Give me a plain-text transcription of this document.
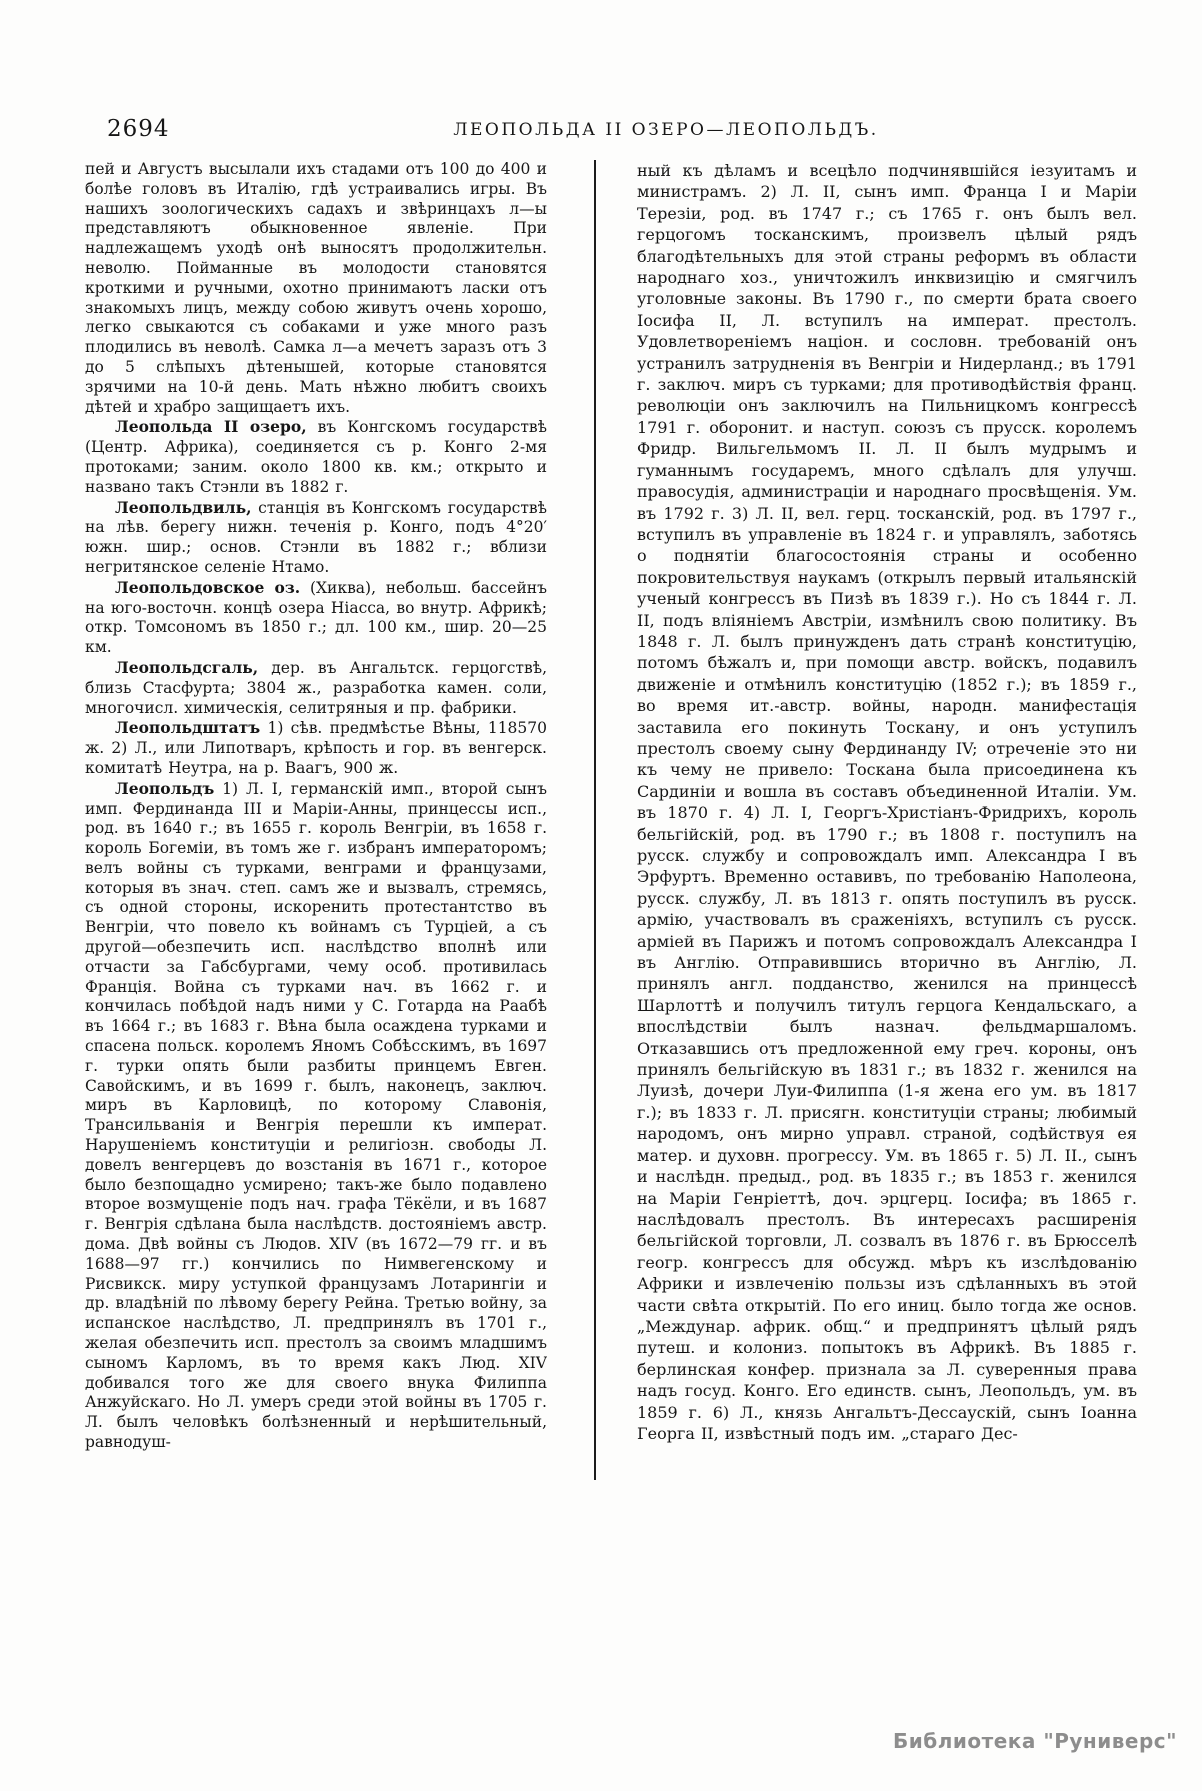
2694	ЛЕОПОЛЬДА II ОЗЕРО—ЛЕОПОЛЬДЪ.

пей и Августъ высылали ихъ стадами отъ 100 до 400 и болѣе головъ въ Италію, гдѣ устраивались игры. Въ нашихъ зоологическихъ садахъ и звѣринцахъ л—ы представляютъ обыкновенное явленіе. При надлежащемъ уходѣ онѣ выносятъ продолжительн. неволю. Пойманные въ молодости становятся кроткими и ручными, охотно принимаютъ ласки отъ знакомыхъ лицъ, между собою живутъ очень хорошо, легко свыкаются съ собаками и уже много разъ плодились въ неволѣ. Самка л—а мечетъ заразъ отъ 3 до 5 слѣпыхъ дѣтенышей, которые становятся зрячими на 10-й день. Мать нѣжно любитъ своихъ дѣтей и храбро защищаетъ ихъ.

Леопольда II озеро, въ Конгскомъ государствѣ (Центр. Африка), соединяется съ р. Конго 2-мя протоками; заним. около 1800 кв. км.; открыто и названо такъ Стэнли въ 1882 г.

Леопольдвиль, станція въ Конгскомъ государствѣ на лѣв. берегу нижн. теченія р. Конго, подъ 4°20′ южн. шир.; основ. Стэнли въ 1882 г.; вблизи негритянское селеніе Нтамо.

Леопольдовское оз. (Хиква), небольш. бассейнъ на юго-восточн. концѣ озера Ніасса, во внутр. Африкѣ; откр. Томсономъ въ 1850 г.; дл. 100 км., шир. 20—25 км.

Леопольдсгаль, дер. въ Ангальтск. герцогствѣ, близь Стасфурта; 3804 ж., разработка камен. соли, многочисл. химическія, селитряныя и пр. фабрики.

Леопольдштатъ 1) сѣв. предмѣстье Вѣны, 118570 ж. 2) Л., или Липотваръ, крѣпость и гор. въ венгерск. комитатѣ Неутра, на р. Ваагъ, 900 ж.

Леопольдъ 1) Л. I, германскій имп., второй сынъ имп. Фердинанда III и Маріи-Анны, принцессы исп., род. въ 1640 г.; въ 1655 г. король Венгріи, въ 1658 г. король Богеміи, въ томъ же г. избранъ императоромъ; велъ войны съ турками, венграми и французами, которыя въ знач. степ. самъ же и вызвалъ, стремясь, съ одной стороны, искоренить протестантство въ Венгріи, что повело къ войнамъ съ Турціей, а съ другой—обезпечить исп. наслѣдство вполнѣ или отчасти за Габсбургами, чему особ. противилась Франція. Война съ турками нач. въ 1662 г. и кончилась побѣдой надъ ними у С. Готарда на Раабѣ въ 1664 г.; въ 1683 г. Вѣна была осаждена турками и спасена польск. королемъ Яномъ Собѣсскимъ, въ 1697 г. турки опять были разбиты принцемъ Евген. Савойскимъ, и въ 1699 г. былъ, наконецъ, заключ. миръ въ Карловицѣ, по которому Славонія, Трансильванія и Венгрія перешли къ императ. Нарушеніемъ конституціи и религіозн. свободы Л. довелъ венгерцевъ до возстанія въ 1671 г., которое было безпощадно усмирено; такъ-же было подавлено второе возмущеніе подъ нач. графа Тёкёли, и въ 1687 г. Венгрія сдѣлана была наслѣдств. достояніемъ австр. дома. Двѣ войны съ Людов. XIV (въ 1672—79 гг. и въ 1688—97 гг.) кончились по Нимвегенскому и Рисвикск. миру уступкой французамъ Лотарингіи и др. владѣній по лѣвому берегу Рейна. Третью войну, за испанское наслѣдство, Л. предпринялъ въ 1701 г., желая обезпечить исп. престолъ за своимъ младшимъ сыномъ Карломъ, въ то время какъ Люд. XIV добивался того же для своего внука Филиппа Анжуйскаго. Но Л. умеръ среди этой войны въ 1705 г. Л. былъ человѣкъ болѣзненный и нерѣшительный, равнодуш-

ный къ дѣламъ и всецѣло подчинявшійся іезуитамъ и министрамъ. 2) Л. II, сынъ имп. Франца I и Маріи Терезіи, род. въ 1747 г.; съ 1765 г. онъ былъ вел. герцогомъ тосканскимъ, произвелъ цѣлый рядъ благодѣтельныхъ для этой страны реформъ въ области народнаго хоз., уничтожилъ инквизицію и смягчилъ уголовные законы. Въ 1790 г., по смерти брата своего Іосифа II, Л. вступилъ на императ. престолъ. Удовлетвореніемъ націон. и сословн. требованій онъ устранилъ затрудненія въ Венгріи и Нидерланд.; въ 1791 г. заключ. миръ съ турками; для противодѣйствія франц. революціи онъ заключилъ на Пильницкомъ конгрессѣ 1791 г. оборонит. и наступ. союзъ съ прусск. королемъ Фридр. Вильгельмомъ II. Л. II былъ мудрымъ и гуманнымъ государемъ, много сдѣлалъ для улучш. правосудія, администраціи и народнаго просвѣщенія. Ум. въ 1792 г. 3) Л. II, вел. герц. тосканскій, род. въ 1797 г., вступилъ въ управленіе въ 1824 г. и управлялъ, заботясь о поднятіи благосостоянія страны и особенно покровительствуя наукамъ (открылъ первый итальянскій ученый конгрессъ въ Пизѣ въ 1839 г.). Но съ 1844 г. Л. II, подъ вліяніемъ Австріи, измѣнилъ свою политику. Въ 1848 г. Л. былъ принужденъ дать странѣ конституцію, потомъ бѣжалъ и, при помощи австр. войскъ, подавилъ движеніе и отмѣнилъ конституцію (1852 г.); въ 1859 г., во время ит.-австр. войны, народн. манифестація заставила его покинуть Тоскану, и онъ уступилъ престолъ своему сыну Фердинанду IV; отреченіе это ни къ чему не привело: Тоскана была присоединена къ Сардиніи и вошла въ составъ объединенной Италіи. Ум. въ 1870 г. 4) Л. I, Георгъ-Христіанъ-Фридрихъ, король бельгійскій, род. въ 1790 г.; въ 1808 г. поступилъ на русск. службу и сопровождалъ имп. Александра I въ Эрфуртъ. Временно оставивъ, по требованію Наполеона, русск. службу, Л. въ 1813 г. опять поступилъ въ русск. армію, участвовалъ въ сраженіяхъ, вступилъ съ русск. арміей въ Парижъ и потомъ сопровождалъ Александра I въ Англію. Отправившись вторично въ Англію, Л. принялъ англ. подданство, женился на принцессѣ Шарлоттѣ и получилъ титулъ герцога Кендальскаго, а впослѣдствіи былъ назнач. фельдмаршаломъ. Отказавшись отъ предложенной ему греч. короны, онъ принялъ бельгійскую въ 1831 г.; въ 1832 г. женился на Луизѣ, дочери Луи-Филиппа (1-я жена его ум. въ 1817 г.); въ 1833 г. Л. присягн. конституціи страны; любимый народомъ, онъ мирно управл. страной, содѣйствуя ея матер. и духовн. прогрессу. Ум. въ 1865 г. 5) Л. II., сынъ и наслѣдн. предыд., род. въ 1835 г.; въ 1853 г. женился на Маріи Генріеттѣ, доч. эрцгерц. Іосифа; въ 1865 г. наслѣдовалъ престолъ. Въ интересахъ расширенія бельгійской торговли, Л. созвалъ въ 1876 г. въ Брюсселѣ геогр. конгрессъ для обсужд. мѣръ къ изслѣдованію Африки и извлеченію пользы изъ сдѣланныхъ въ этой части свѣта открытій. По его иниц. было тогда же основ. „Междунар. африк. общ.“ и предпринятъ цѣлый рядъ путеш. и колониз. попытокъ въ Африкѣ. Въ 1885 г. берлинская конфер. признала за Л. суверенныя права надъ госуд. Конго. Его единств. сынъ, Леопольдъ, ум. въ 1859 г. 6) Л., князь Ангальтъ-Дессаускій, сынъ Іоанна Георга II, извѣстный подъ им. „стараго Дес-

Библиотека "Руниверс"
